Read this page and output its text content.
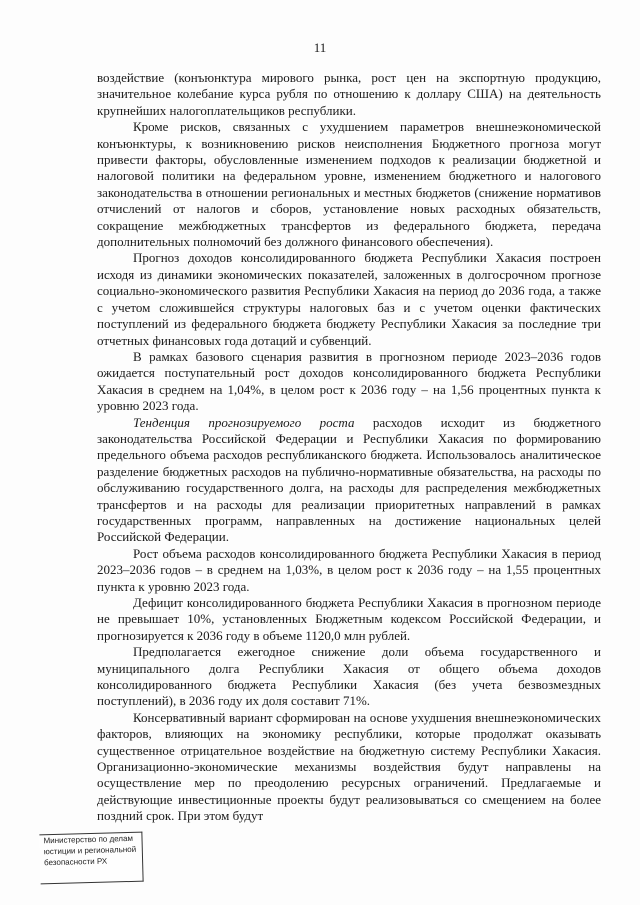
11

воздействие (конъюнктура мирового рынка, рост цен на экспортную продукцию, значительное колебание курса рубля по отношению к доллару США) на деятельность крупнейших налогоплательщиков республики.

Кроме рисков, связанных с ухудшением параметров внешнеэкономической конъюнктуры, к возникновению рисков неисполнения Бюджетного прогноза могут привести факторы, обусловленные изменением подходов к реализации бюджетной и налоговой политики на федеральном уровне, изменением бюджетного и налогового законодательства в отношении региональных и местных бюджетов (снижение нормативов отчислений от налогов и сборов, установление новых расходных обязательств, сокращение межбюджетных трансфертов из федерального бюджета, передача дополнительных полномочий без должного финансового обеспечения).

Прогноз доходов консолидированного бюджета Республики Хакасия построен исходя из динамики экономических показателей, заложенных в долгосрочном прогнозе социально-экономического развития Республики Хакасия на период до 2036 года, а также с учетом сложившейся структуры налоговых баз и с учетом оценки фактических поступлений из федерального бюджета бюджету Республики Хакасия за последние три отчетных финансовых года дотаций и субвенций.

В рамках базового сценария развития в прогнозном периоде 2023–2036 годов ожидается поступательный рост доходов консолидированного бюджета Республики Хакасия в среднем на 1,04%, в целом рост к 2036 году – на 1,56 процентных пункта к уровню 2023 года.

Тенденция прогнозируемого роста расходов исходит из бюджетного законодательства Российской Федерации и Республики Хакасия по формированию предельного объема расходов республиканского бюджета. Использовалось аналитическое разделение бюджетных расходов на публично-нормативные обязательства, на расходы по обслуживанию государственного долга, на расходы для распределения межбюджетных трансфертов и на расходы для реализации приоритетных направлений в рамках государственных программ, направленных на достижение национальных целей Российской Федерации.

Рост объема расходов консолидированного бюджета Республики Хакасия в период 2023–2036 годов – в среднем на 1,03%, в целом рост к 2036 году – на 1,55 процентных пункта к уровню 2023 года.

Дефицит консолидированного бюджета Республики Хакасия в прогнозном периоде не превышает 10%, установленных Бюджетным кодексом Российской Федерации, и прогнозируется к 2036 году в объеме 1120,0 млн рублей.

Предполагается ежегодное снижение доли объема государственного и муниципального долга Республики Хакасия от общего объема доходов консолидированного бюджета Республики Хакасия (без учета безвозмездных поступлений), в 2036 году их доля составит 71%.

Консервативный вариант сформирован на основе ухудшения внешнеэкономических факторов, влияющих на экономику республики, которые продолжат оказывать существенное отрицательное воздействие на бюджетную систему Республики Хакасия. Организационно-экономические механизмы воздействия будут направлены на осуществление мер по преодолению ресурсных ограничений. Предлагаемые и действующие инвестиционные проекты будут реализовываться со смещением на более поздний срок. При этом будут

Министерство по делам
юстиции и региональной
безопасности РХ
